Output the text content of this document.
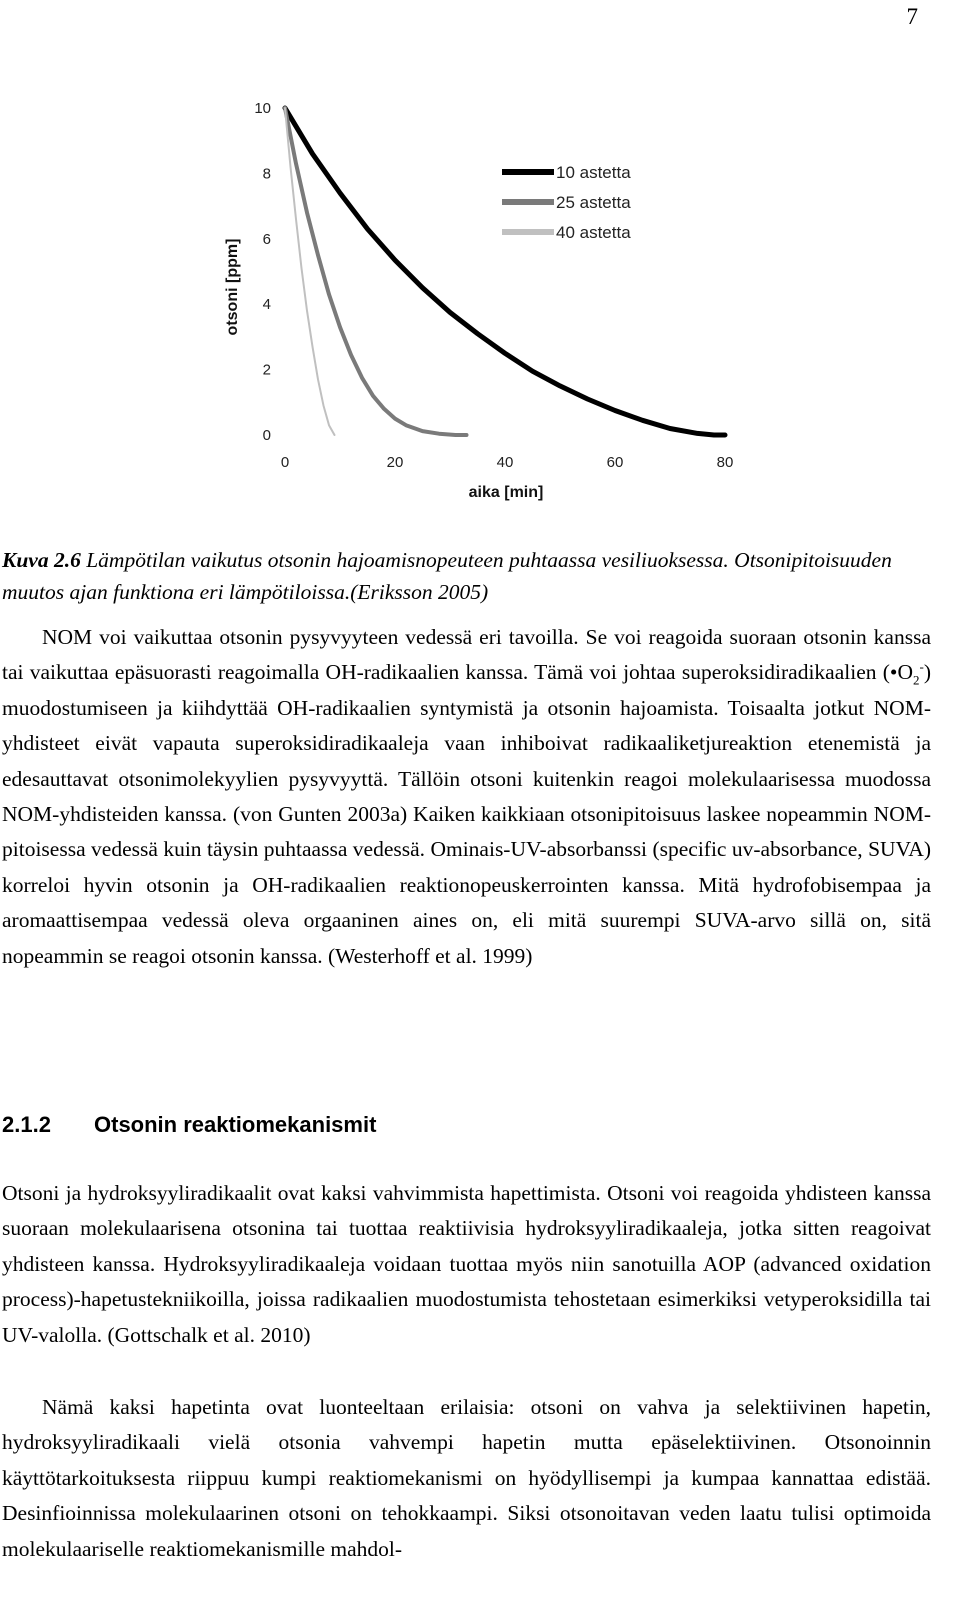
7
0
2
4
6
8
10
0	20	40	60	80
otsoni [ppm]
aika [min]
10 astetta
25 astetta
40 astetta
Kuva 2.6 Lämpötilan vaikutus otsonin hajoamisnopeuteen puhtaassa vesiliuoksessa. Otsonipitoisuuden muutos ajan funktiona eri lämpötiloissa.(Eriksson 2005)

NOM voi vaikuttaa otsonin pysyvyyteen vedessä eri tavoilla. Se voi reagoida suoraan otsonin kanssa tai vaikuttaa epäsuorasti reagoimalla OH-radikaalien kanssa. Tämä voi johtaa superoksidiradikaalien $(•O_2^-)$ muodostumiseen ja kiihdyttää OH-radikaalien syntymistä ja otsonin hajoamista. Toisaalta jotkut NOM-yhdisteet eivät vapauta superoksidiradikaaleja vaan inhiboivat radikaaliketjureaktion etenemistä ja edesauttavat otsonimolekyylien pysyvyyttä. Tällöin otsoni kuitenkin reagoi molekulaarisessa muodossa NOM-yhdisteiden kanssa. (von Gunten 2003a) Kaiken kaikkiaan otsonipitoisuus laskee nopeammin NOM-pitoisessa vedessä kuin täysin puhtaassa vedessä. Ominais-UV-absorbanssi (specific uv-absorbance, SUVA) korreloi hyvin otsonin ja OH-radikaalien reaktionopeuskerrointen kanssa. Mitä hydrofobisempaa ja aromaattisempaa vedessä oleva orgaaninen aines on, eli mitä suurempi SUVA-arvo sillä on, sitä nopeammin se reagoi otsonin kanssa. (Westerhoff et al. 1999)

2.1.2 Otsonin reaktiomekanismit

Otsoni ja hydroksyyliradikaalit ovat kaksi vahvimmista hapettimista. Otsoni voi reagoida yhdisteen kanssa suoraan molekulaarisena otsonina tai tuottaa reaktiivisia hydroksyyliradikaaleja, jotka sitten reagoivat yhdisteen kanssa. Hydroksyyliradikaaleja voidaan tuottaa myös niin sanotuilla AOP (advanced oxidation process)-hapetustekniikoilla, joissa radikaalien muodostumista tehostetaan esimerkiksi vetyperoksidilla tai UV-valolla. (Gottschalk et al. 2010)

Nämä kaksi hapetinta ovat luonteeltaan erilaisia: otsoni on vahva ja selektiivinen hapetin, hydroksyyliradikaali vielä otsonia vahvempi hapetin mutta epäselektiivinen. Otsonoinnin käyttötarkoituksesta riippuu kumpi reaktiomekanismi on hyödyllisempi ja kumpaa kannattaa edistää. Desinfioinnissa molekulaarinen otsoni on tehokkaampi. Siksi otsonoitavan veden laatu tulisi optimoida molekulaariselle reaktiomekanismille mahdol-
